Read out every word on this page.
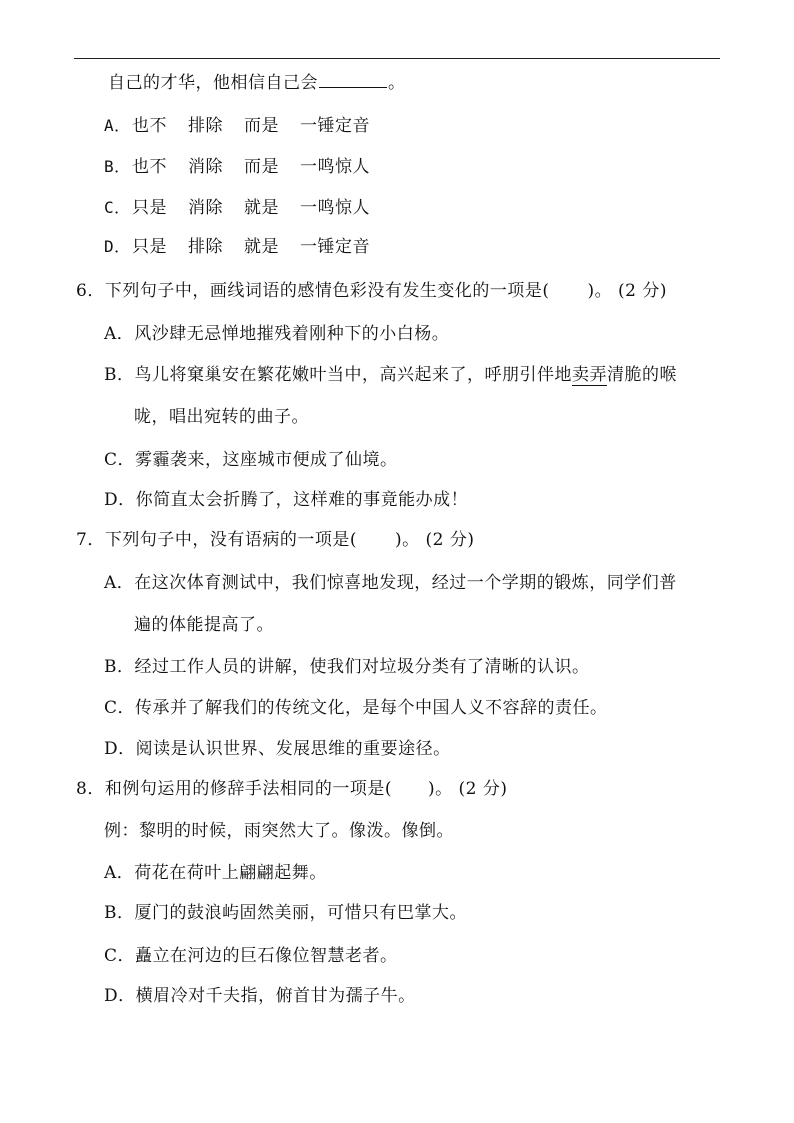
自己的才华，他相信自己会	。
A．也不 排除 而是 一锤定音
B．也不 消除 而是 一鸣惊人
C．只是 消除 就是 一鸣惊人
D．只是 排除 就是 一锤定音
6．下列句子中，画线词语的感情色彩没有发生变化的一项是( )。 (2 分)
A．风沙肆无忌惮地摧残着刚种下的小白杨。
B．鸟儿将窠巢安在繁花嫩叶当中，高兴起来了，呼朋引伴地卖弄清脆的喉
咙，唱出宛转的曲子。
C．雾霾袭来，这座城市便成了仙境。
D．你简直太会折腾了，这样难的事竟能办成！
7．下列句子中，没有语病的一项是( )。 (2 分)
A．在这次体育测试中，我们惊喜地发现，经过一个学期的锻炼，同学们普
遍的体能提高了。
B．经过工作人员的讲解，使我们对垃圾分类有了清晰的认识。
C．传承并了解我们的传统文化，是每个中国人义不容辞的责任。
D．阅读是认识世界、发展思维的重要途径。
8．和例句运用的修辞手法相同的一项是( )。 (2 分)
例：黎明的时候，雨突然大了。像泼。像倒。
A．荷花在荷叶上翩翩起舞。
B．厦门的鼓浪屿固然美丽，可惜只有巴掌大。
C．矗立在河边的巨石像位智慧老者。
D．横眉冷对千夫指，俯首甘为孺子牛。
